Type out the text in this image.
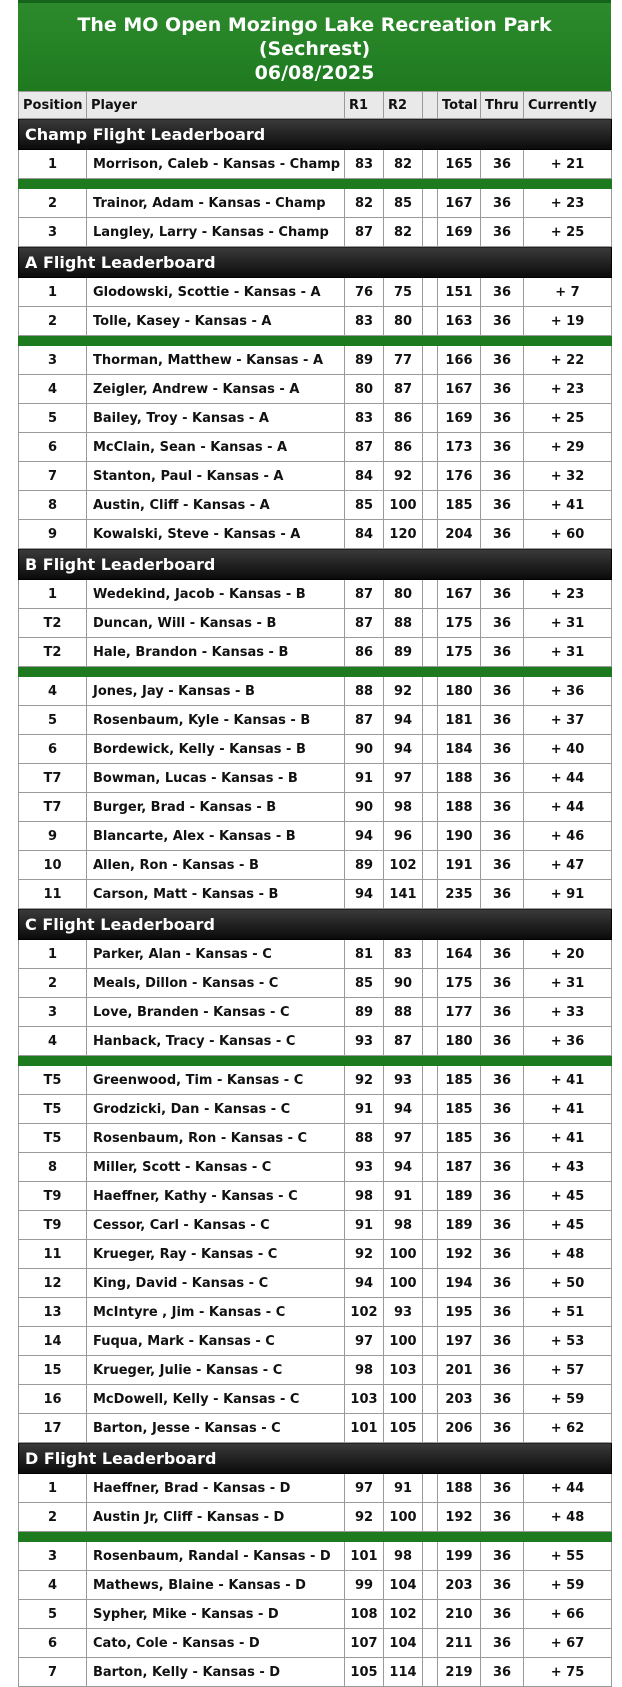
The MO Open Mozingo Lake Recreation Park (Sechrest)
06/08/2025
Position	Player	R1	R2		Total	Thru	Currently
Champ Flight Leaderboard							
1	Morrison, Caleb - Kansas - Champ	83	82		165	36	+ 21

2	Trainor, Adam - Kansas - Champ	82	85		167	36	+ 23
3	Langley, Larry - Kansas - Champ	87	82		169	36	+ 25
A Flight Leaderboard							
1	Glodowski, Scottie - Kansas - A	76	75		151	36	+ 7
2	Tolle, Kasey - Kansas - A	83	80		163	36	+ 19

3	Thorman, Matthew - Kansas - A	89	77		166	36	+ 22
4	Zeigler, Andrew - Kansas - A	80	87		167	36	+ 23
5	Bailey, Troy - Kansas - A	83	86		169	36	+ 25
6	McClain, Sean - Kansas - A	87	86		173	36	+ 29
7	Stanton, Paul - Kansas - A	84	92		176	36	+ 32
8	Austin, Cliff - Kansas - A	85	100		185	36	+ 41
9	Kowalski, Steve - Kansas - A	84	120		204	36	+ 60
B Flight Leaderboard							
1	Wedekind, Jacob - Kansas - B	87	80		167	36	+ 23
T2	Duncan, Will - Kansas - B	87	88		175	36	+ 31
T2	Hale, Brandon - Kansas - B	86	89		175	36	+ 31

4	Jones, Jay - Kansas - B	88	92		180	36	+ 36
5	Rosenbaum, Kyle - Kansas - B	87	94		181	36	+ 37
6	Bordewick, Kelly - Kansas - B	90	94		184	36	+ 40
T7	Bowman, Lucas - Kansas - B	91	97		188	36	+ 44
T7	Burger, Brad - Kansas - B	90	98		188	36	+ 44
9	Blancarte, Alex - Kansas - B	94	96		190	36	+ 46
10	Allen, Ron - Kansas - B	89	102		191	36	+ 47
11	Carson, Matt - Kansas - B	94	141		235	36	+ 91
C Flight Leaderboard							
1	Parker, Alan - Kansas - C	81	83		164	36	+ 20
2	Meals, Dillon - Kansas - C	85	90		175	36	+ 31
3	Love, Branden - Kansas - C	89	88		177	36	+ 33
4	Hanback, Tracy - Kansas - C	93	87		180	36	+ 36

T5	Greenwood, Tim - Kansas - C	92	93		185	36	+ 41
T5	Grodzicki, Dan - Kansas - C	91	94		185	36	+ 41
T5	Rosenbaum, Ron - Kansas - C	88	97		185	36	+ 41
8	Miller, Scott - Kansas - C	93	94		187	36	+ 43
T9	Haeffner, Kathy - Kansas - C	98	91		189	36	+ 45
T9	Cessor, Carl - Kansas - C	91	98		189	36	+ 45
11	Krueger, Ray - Kansas - C	92	100		192	36	+ 48
12	King, David - Kansas - C	94	100		194	36	+ 50
13	McIntyre , Jim - Kansas - C	102	93		195	36	+ 51
14	Fuqua, Mark - Kansas - C	97	100		197	36	+ 53
15	Krueger, Julie - Kansas - C	98	103		201	36	+ 57
16	McDowell, Kelly - Kansas - C	103	100		203	36	+ 59
17	Barton, Jesse - Kansas - C	101	105		206	36	+ 62
D Flight Leaderboard							
1	Haeffner, Brad - Kansas - D	97	91		188	36	+ 44
2	Austin Jr, Cliff - Kansas - D	92	100		192	36	+ 48

3	Rosenbaum, Randal - Kansas - D	101	98		199	36	+ 55
4	Mathews, Blaine - Kansas - D	99	104		203	36	+ 59
5	Sypher, Mike - Kansas - D	108	102		210	36	+ 66
6	Cato, Cole - Kansas - D	107	104		211	36	+ 67
7	Barton, Kelly - Kansas - D	105	114		219	36	+ 75
